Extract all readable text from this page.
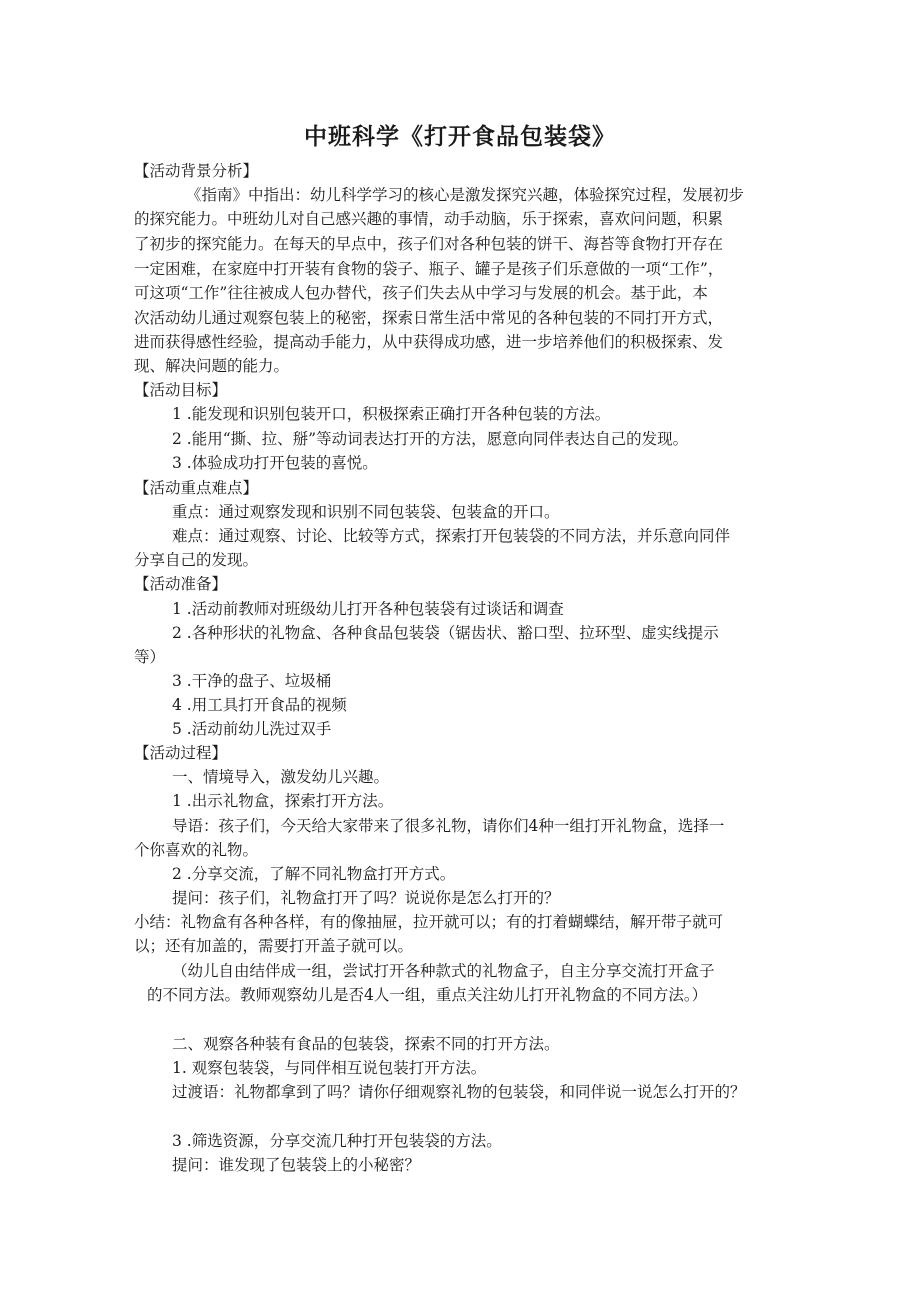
中班科学《打开食品包装袋》
【活动背景分析】
《指南》中指出：幼儿科学学习的核心是激发探究兴趣，体验探究过程，发展初步
的探究能力。中班幼儿对自己感兴趣的事情，动手动脑，乐于探索，喜欢问问题，积累
了初步的探究能力。在每天的早点中，孩子们对各种包装的饼干、海苔等食物打开存在
一定困难，在家庭中打开装有食物的袋子、瓶子、罐子是孩子们乐意做的一项“工作”，
可这项“工作”往往被成人包办替代，孩子们失去从中学习与发展的机会。基于此，本
次活动幼儿通过观察包装上的秘密，探索日常生活中常见的各种包装的不同打开方式，
进而获得感性经验，提高动手能力，从中获得成功感，进一步培养他们的积极探索、发
现、解决问题的能力。
【活动目标】
1 .能发现和识别包装开口，积极探索正确打开各种包装的方法。
2 .能用“撕、拉、掰”等动词表达打开的方法，愿意向同伴表达自己的发现。
3 .体验成功打开包装的喜悦。
【活动重点难点】
重点：通过观察发现和识别不同包装袋、包装盒的开口。
难点：通过观察、讨论、比较等方式，探索打开包装袋的不同方法，并乐意向同伴
分享自己的发现。
【活动准备】
1 .活动前教师对班级幼儿打开各种包装袋有过谈话和调查
2 .各种形状的礼物盒、各种食品包装袋（锯齿状、豁口型、拉环型、虚实线提示
等）
3 .干净的盘子、垃圾桶
4 .用工具打开食品的视频
5 .活动前幼儿洗过双手
【活动过程】
一、情境导入，激发幼儿兴趣。
1 .出示礼物盒，探索打开方法。
导语：孩子们，今天给大家带来了很多礼物，请你们4种一组打开礼物盒，选择一
个你喜欢的礼物。
2 .分享交流，了解不同礼物盒打开方式。
提问：孩子们，礼物盒打开了吗？说说你是怎么打开的？
小结：礼物盒有各种各样，有的像抽屉，拉开就可以；有的打着蝴蝶结，解开带子就可
以；还有加盖的，需要打开盖子就可以。
（幼儿自由结伴成一组，尝试打开各种款式的礼物盒子，自主分享交流打开盒子
的不同方法。教师观察幼儿是否4人一组，重点关注幼儿打开礼物盒的不同方法。）
二、观察各种装有食品的包装袋，探索不同的打开方法。
1. 观察包装袋，与同伴相互说包装打开方法。
过渡语：礼物都拿到了吗？请你仔细观察礼物的包装袋，和同伴说一说怎么打开的？
3 .筛选资源，分享交流几种打开包装袋的方法。
提问：谁发现了包装袋上的小秘密？
